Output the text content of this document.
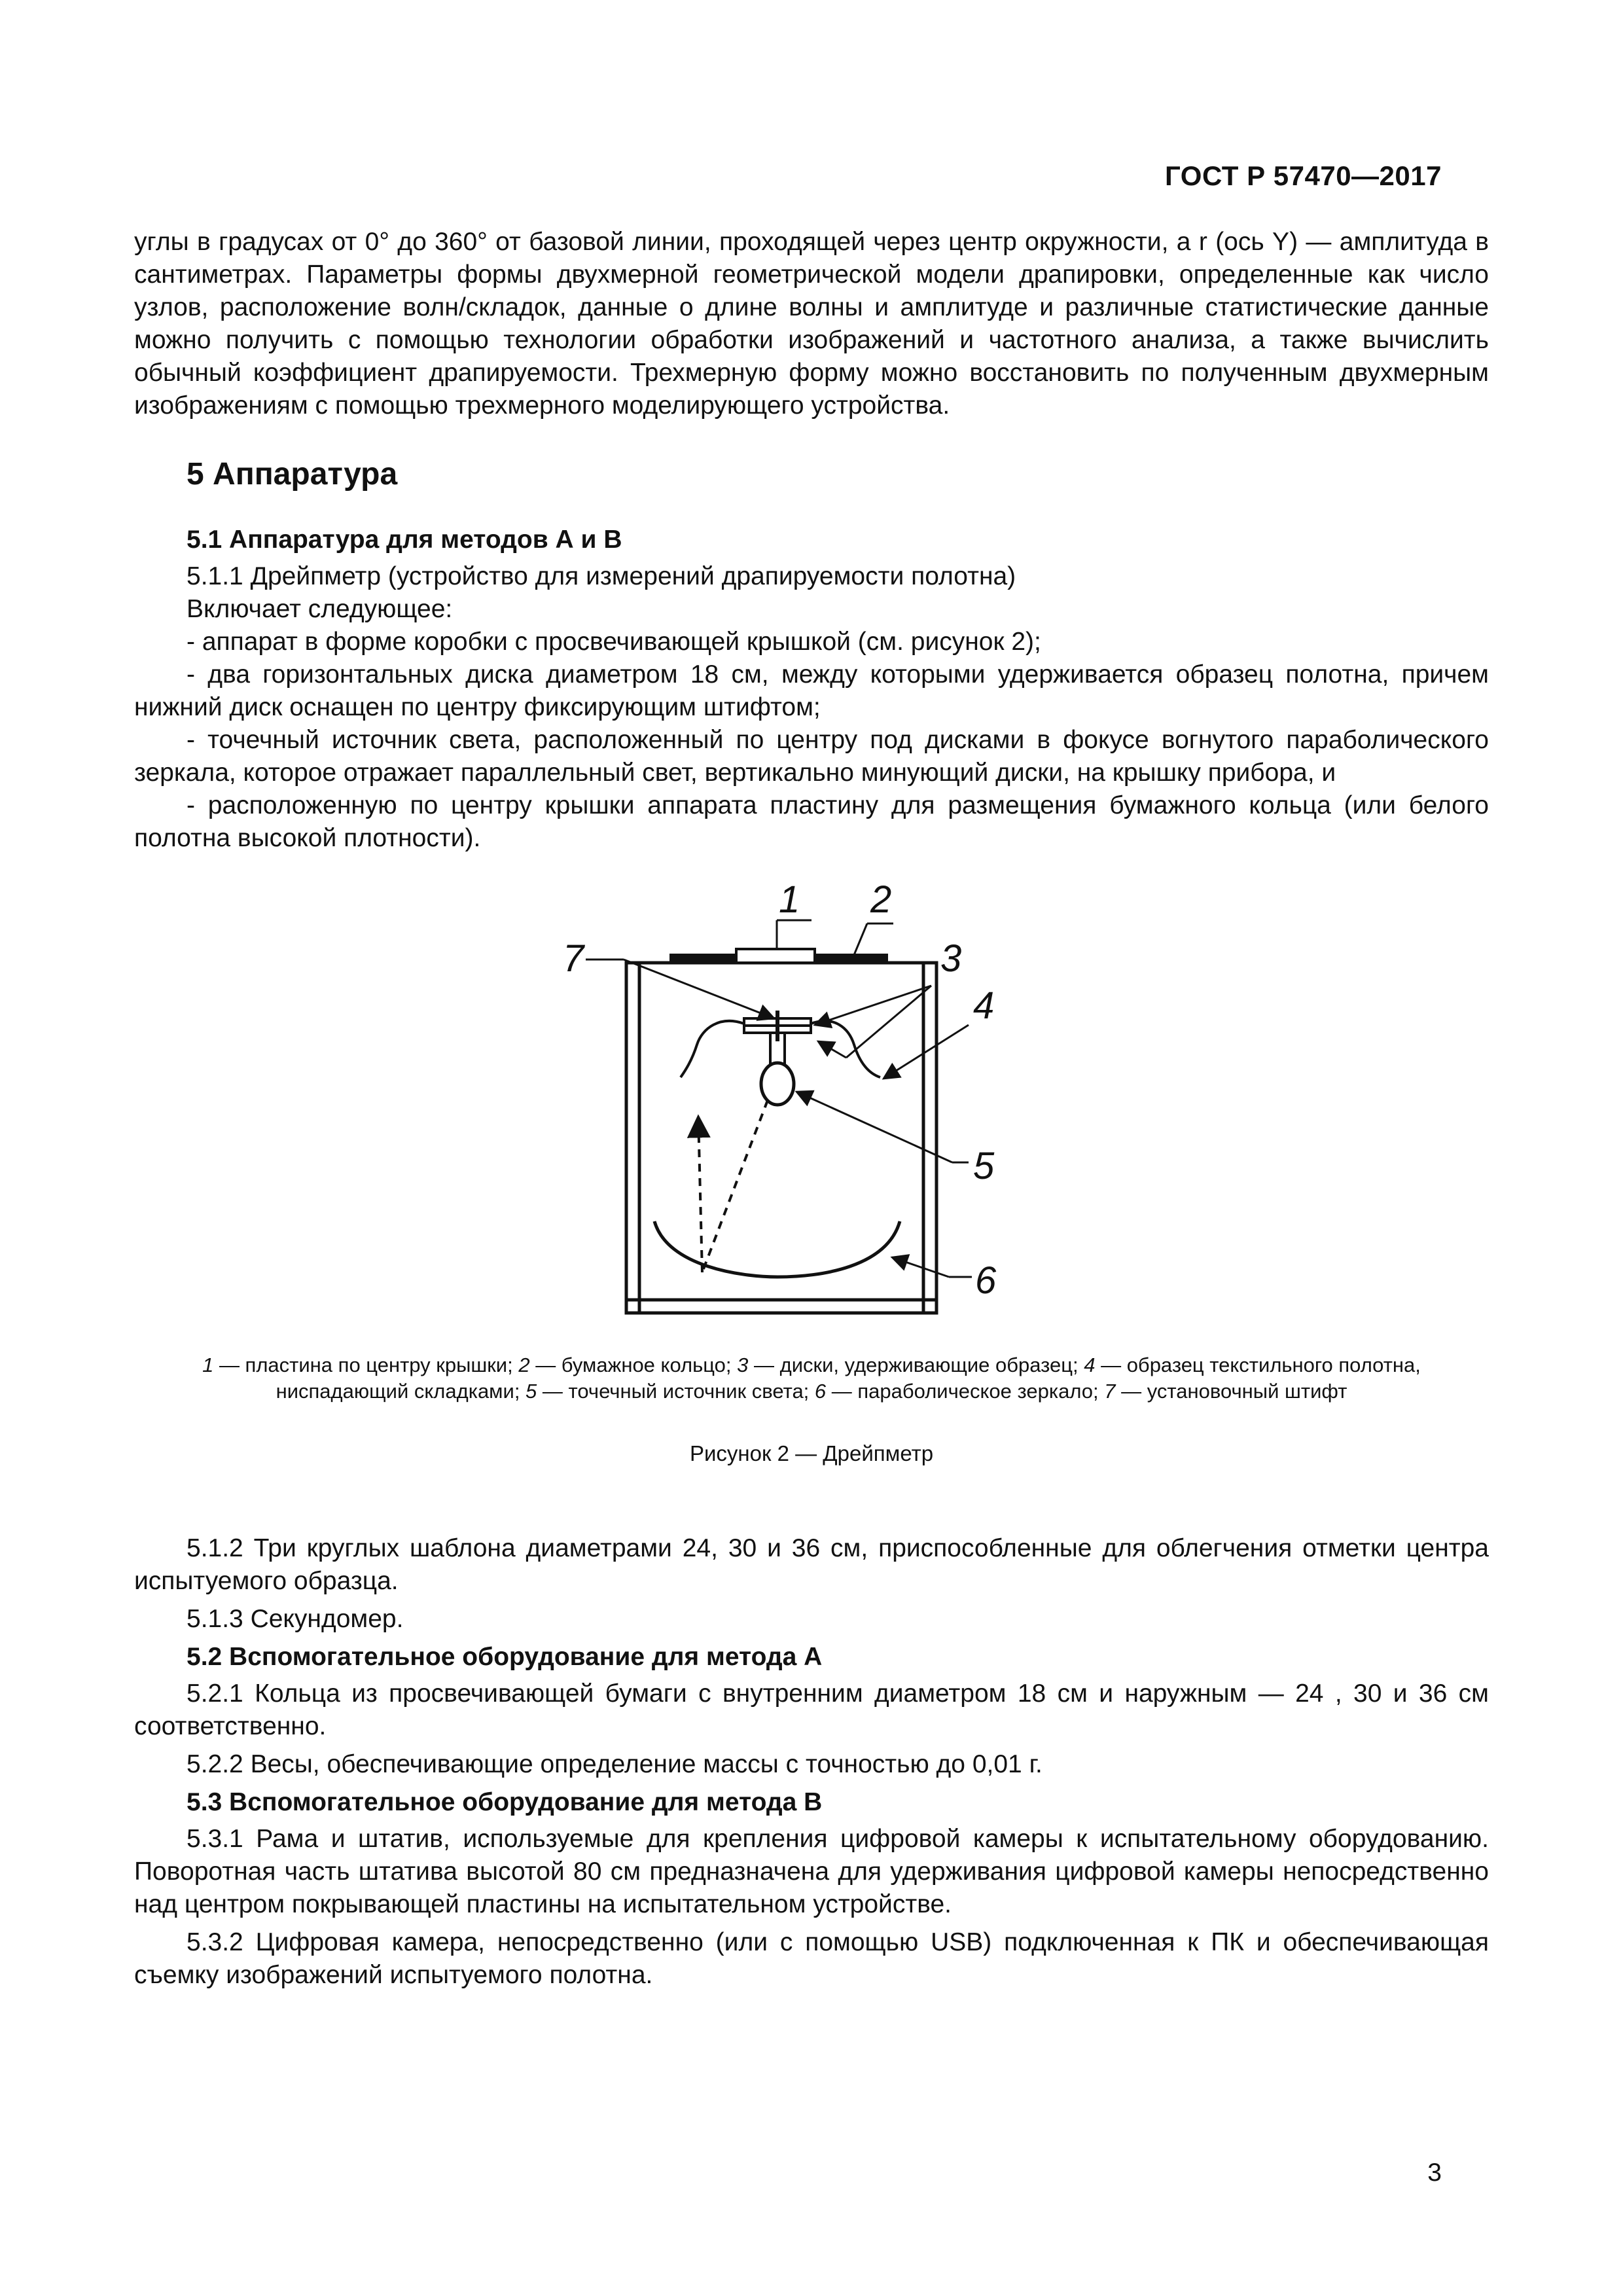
ГОСТ Р 57470—2017

углы в градусах от 0° до 360° от базовой линии, проходящей через центр окружности, а r (ось Y) — амплитуда в сантиметрах. Параметры формы двухмерной геометрической модели драпировки, определенные как число узлов, расположение волн/складок, данные о длине волны и амплитуде и различные статистические данные можно получить с помощью технологии обработки изображений и частотного анализа, а также вычислить обычный коэффициент драпируемости. Трехмерную форму можно восстановить по полученным двухмерным изображениям с помощью трехмерного моделирующего устройства.

5 Аппаратура
5.1 Аппаратура для методов А и В

5.1.1 Дрейпметр (устройство для измерений драпируемости полотна)

Включает следующее:

- аппарат в форме коробки с просвечивающей крышкой (см. рисунок 2);

- два горизонтальных диска диаметром 18 см, между которыми удерживается образец полотна, причем нижний диск оснащен по центру фиксирующим штифтом;

- точечный источник света, расположенный по центру под дисками в фокусе вогнутого параболического зеркала, которое отражает параллельный свет, вертикально минующий диски, на крышку прибора, и

- расположенную по центру крышки аппарата пластину для размещения бумажного кольца (или белого полотна высокой плотности).

1 2
3
4
5
6
7

1 — пластина по центру крышки; 2 — бумажное кольцо; 3 — диски, удерживающие образец; 4 — образец текстильного полотна, ниспадающий складками; 5 — точечный источник света; 6 — параболическое зеркало; 7 — установочный штифт

Рисунок 2 — Дрейпметр

5.1.2 Три круглых шаблона диаметрами 24, 30 и 36 см, приспособленные для облегчения отметки центра испытуемого образца.

5.1.3 Секундомер.

5.2 Вспомогательное оборудование для метода А

5.2.1 Кольца из просвечивающей бумаги с внутренним диаметром 18 см и наружным — 24 , 30 и 36 см соответственно.

5.2.2 Весы, обеспечивающие определение массы с точностью до 0,01 г.

5.3 Вспомогательное оборудование для метода В

5.3.1 Рама и штатив, используемые для крепления цифровой камеры к испытательному оборудованию. Поворотная часть штатива высотой 80 см предназначена для удерживания цифровой камеры непосредственно над центром покрывающей пластины на испытательном устройстве.

5.3.2 Цифровая камера, непосредственно (или с помощью USB) подключенная к ПК и обеспечивающая съемку изображений испытуемого полотна.

3
